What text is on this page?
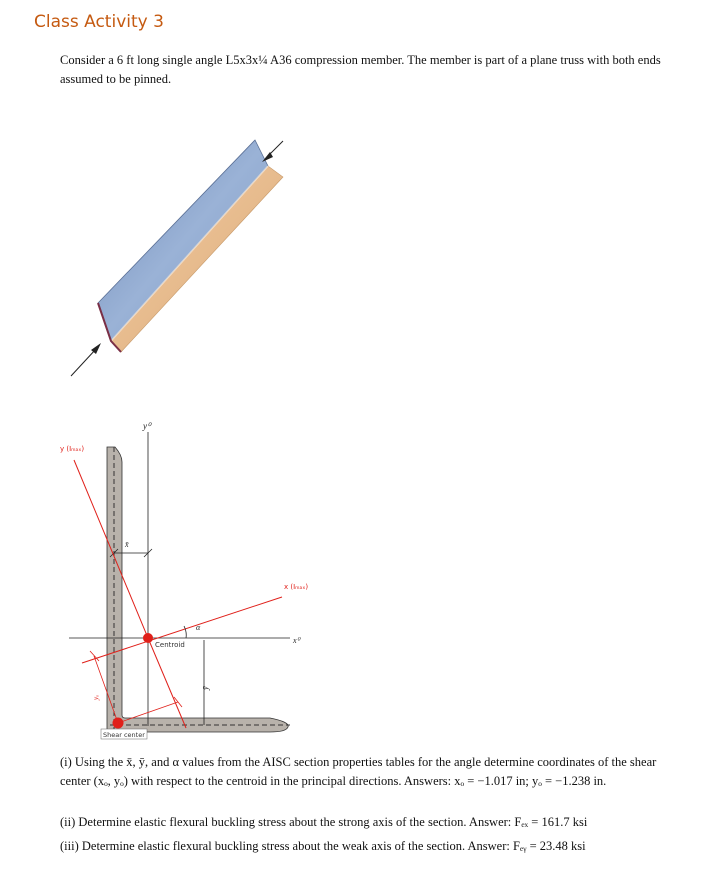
Class Activity 3
Consider a 6 ft long single angle L5x3x¼ A36 compression member. The member is part of a plane truss with both ends assumed to be pinned.
y (Iₘₐₓ)
x (Iₘₐₓ)
y⁰
x⁰
x̄
ȳ
α
yₒ
Centroid
Shear center
(i) Using the x̄, ȳ, and α values from the AISC section properties tables for the angle determine coordinates of the shear center (xₒ, yₒ) with respect to the centroid in the principal directions. Answers: xₒ = −1.017 in; yₒ = −1.238 in.
(ii) Determine elastic flexural buckling stress about the strong axis of the section. Answer: Fₑₓ = 161.7 ksi
(iii) Determine elastic flexural buckling stress about the weak axis of the section. Answer: Fₑᵧ = 23.48 ksi
